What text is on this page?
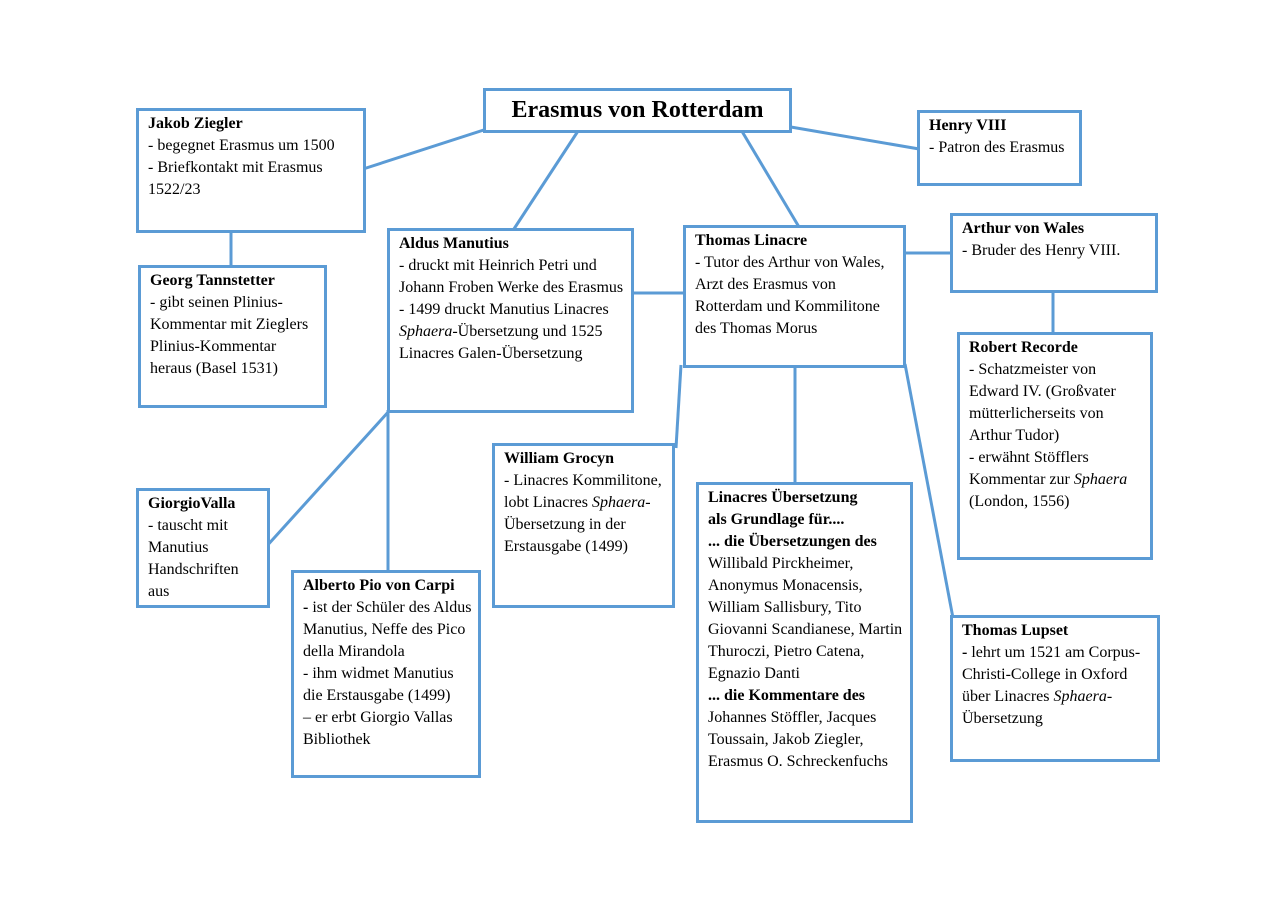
Erasmus von Rotterdam
Jakob Ziegler
- begegnet Erasmus um 1500
- Briefkontakt mit Erasmus 1522/23
Henry VIII
- Patron des Erasmus
Georg Tannstetter
- gibt seinen Plinius-Kommentar mit Zieglers Plinius-Kommentar heraus (Basel 1531)
Aldus Manutius
- druckt mit Heinrich Petri und Johann Froben Werke des Erasmus
- 1499 druckt Manutius Linacres Sphaera-Übersetzung und 1525 Linacres Galen-Übersetzung
Thomas Linacre
- Tutor des Arthur von Wales, Arzt des Erasmus von Rotterdam und Kommilitone des Thomas Morus
Arthur von Wales
- Bruder des Henry VIII.
Robert Recorde
- Schatzmeister von Edward IV. (Großvater mütterlicherseits von Arthur Tudor)
- erwähnt Stöfflers Kommentar zur Sphaera (London, 1556)
GiorgioValla
- tauscht mit Manutius Handschriften aus
William Grocyn
- Linacres Kommilitone, lobt Linacres Sphaera-Übersetzung in der Erstausgabe (1499)
Alberto Pio von Carpi
- ist der Schüler des Aldus Manutius, Neffe des Pico della Mirandola
- ihm widmet Manutius die Erstausgabe (1499)
– er erbt Giorgio Vallas Bibliothek
Linacres Übersetzung
als Grundlage für....
... die Übersetzungen des
Willibald Pirckheimer, Anonymus Monacensis, William Sallisbury, Tito Giovanni Scandianese, Martin Thuroczi, Pietro Catena, Egnazio Danti
... die Kommentare des
Johannes Stöffler, Jacques Toussain, Jakob Ziegler, Erasmus O. Schreckenfuchs
Thomas Lupset
- lehrt um 1521 am Corpus-Christi-College in Oxford über Linacres Sphaera-Übersetzung
